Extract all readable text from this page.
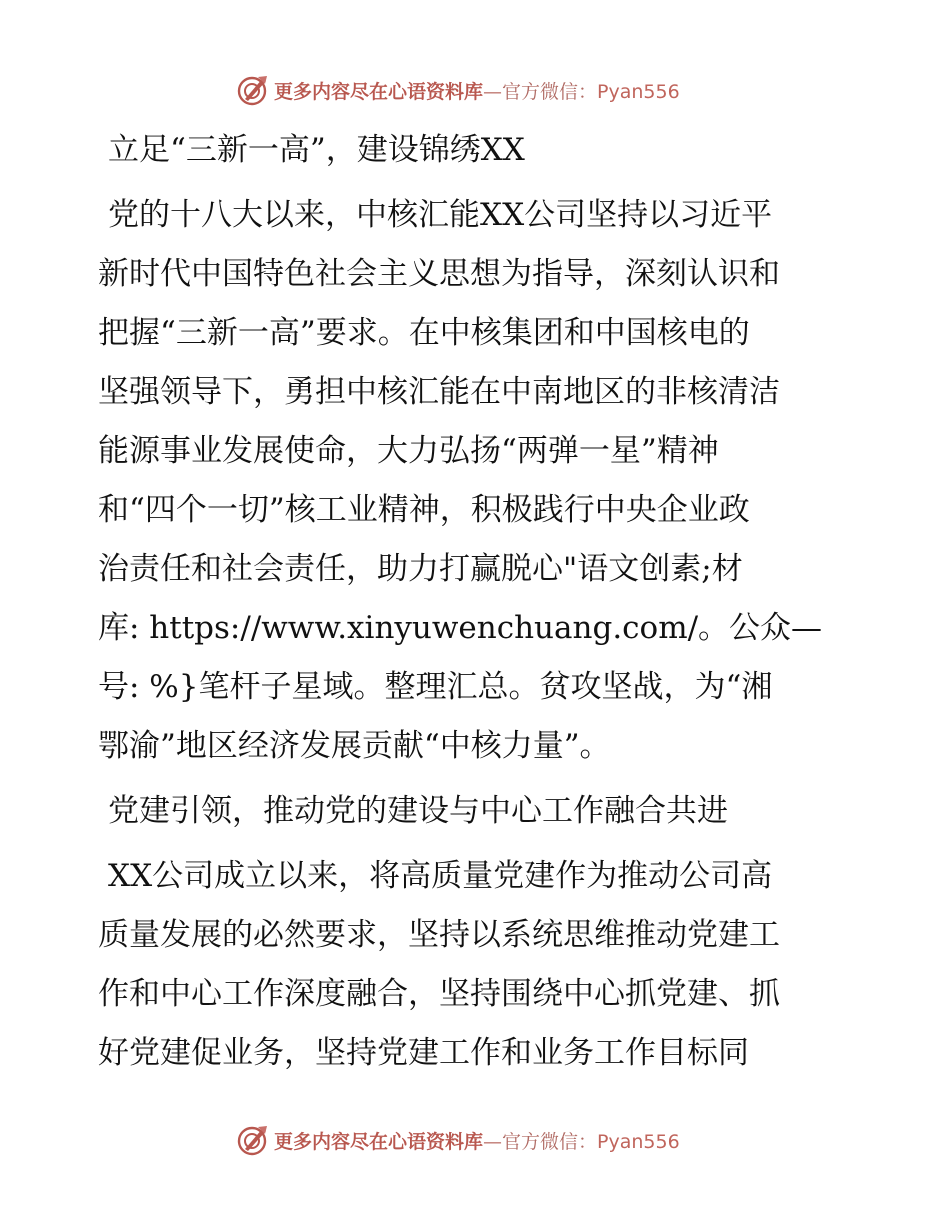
更多内容尽在心语资料库—官方微信：Pyan556
立足“三新一高”，建设锦绣XX
党的十八大以来，中核汇能XX公司坚持以习近平
新时代中国特色社会主义思想为指导，深刻认识和
把握“三新一高”要求。在中核集团和中国核电的
坚强领导下，勇担中核汇能在中南地区的非核清洁
能源事业发展使命，大力弘扬“两弹一星”精神
和“四个一切”核工业精神，积极践行中央企业政
治责任和社会责任，助力打赢脱心"语文创素;材
库: https://www.xinyuwenchuang.com/。公众—
号: %}笔杆子星域。整理汇总。贫攻坚战，为“湘
鄂渝”地区经济发展贡献“中核力量”。
党建引领，推动党的建设与中心工作融合共进
XX公司成立以来，将高质量党建作为推动公司高
质量发展的必然要求，坚持以系统思维推动党建工
作和中心工作深度融合，坚持围绕中心抓党建、抓
好党建促业务，坚持党建工作和业务工作目标同
更多内容尽在心语资料库—官方微信：Pyan556
